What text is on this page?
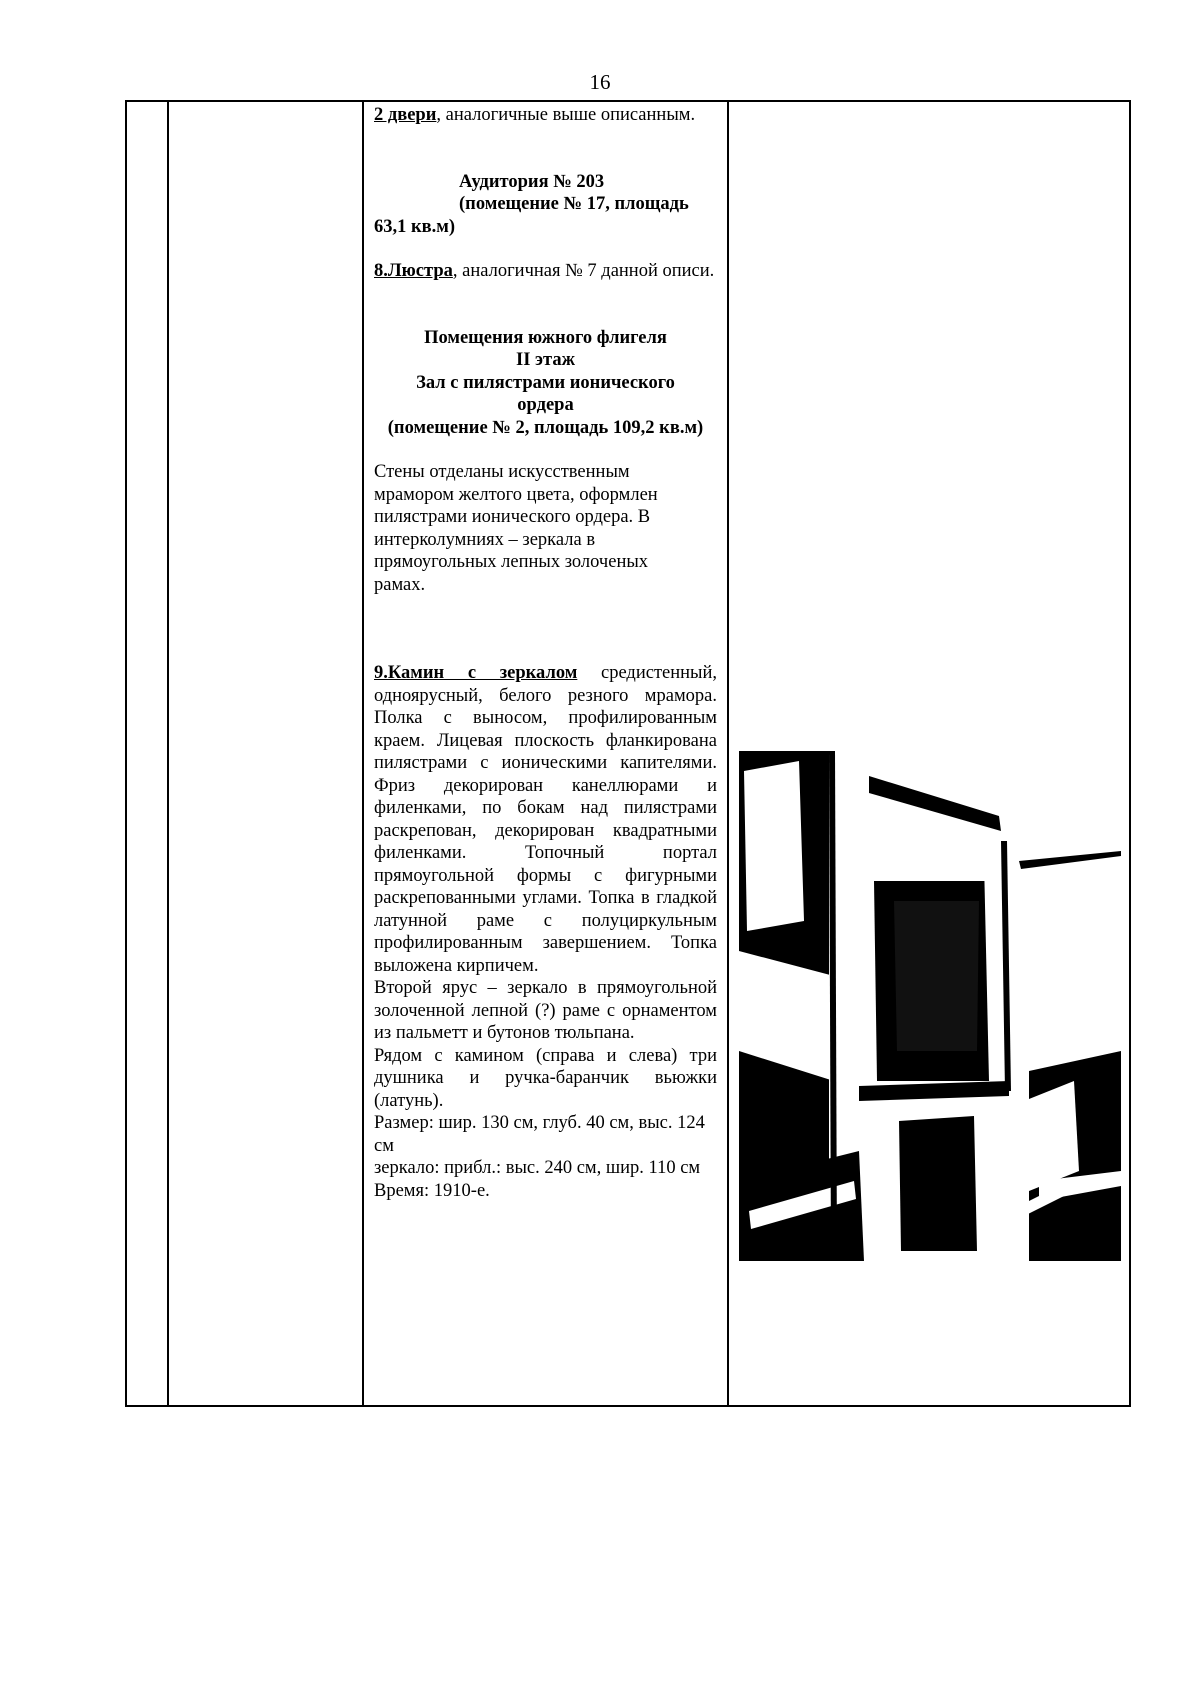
16

2 двери, аналогичные выше описанным.

Аудитория № 203

(помещение № 17, площадь 63,1 кв.м)

8.Люстра, аналогичная № 7 данной описи.

Помещения южного флигеля

II этаж

Зал с пилястрами ионического ордера

(помещение № 2, площадь 109,2 кв.м)

Стены отделаны искусственным мрамором желтого цвета, оформлен пилястрами ионического ордера. В интерколумниях – зеркала в прямоугольных лепных золоченых рамах.

9.Камин с зеркалом средистенный, одноярусный, белого резного мрамора. Полка с выносом, профилированным краем. Лицевая плоскость фланкирована пилястрами с ионическими капителями. Фриз декорирован канеллюрами и филенками, по бокам над пилястрами раскрепован, декорирован квадратными филенками. Топочный портал прямоугольной формы с фигурными раскрепованными углами. Топка в гладкой латунной раме с полуциркульным профилированным завершением. Топка выложена кирпичем.

Второй ярус – зеркало в прямоугольной золоченной лепной (?) раме с орнаментом из пальметт и бутонов тюльпана.

Рядом с камином (справа и слева) три душника и ручка-баранчик вьюжки (латунь).

Размер: шир. 130 см, глуб. 40 см, выс. 124 см

зеркало: прибл.: выс. 240 см, шир. 110 см

Время: 1910-е.
